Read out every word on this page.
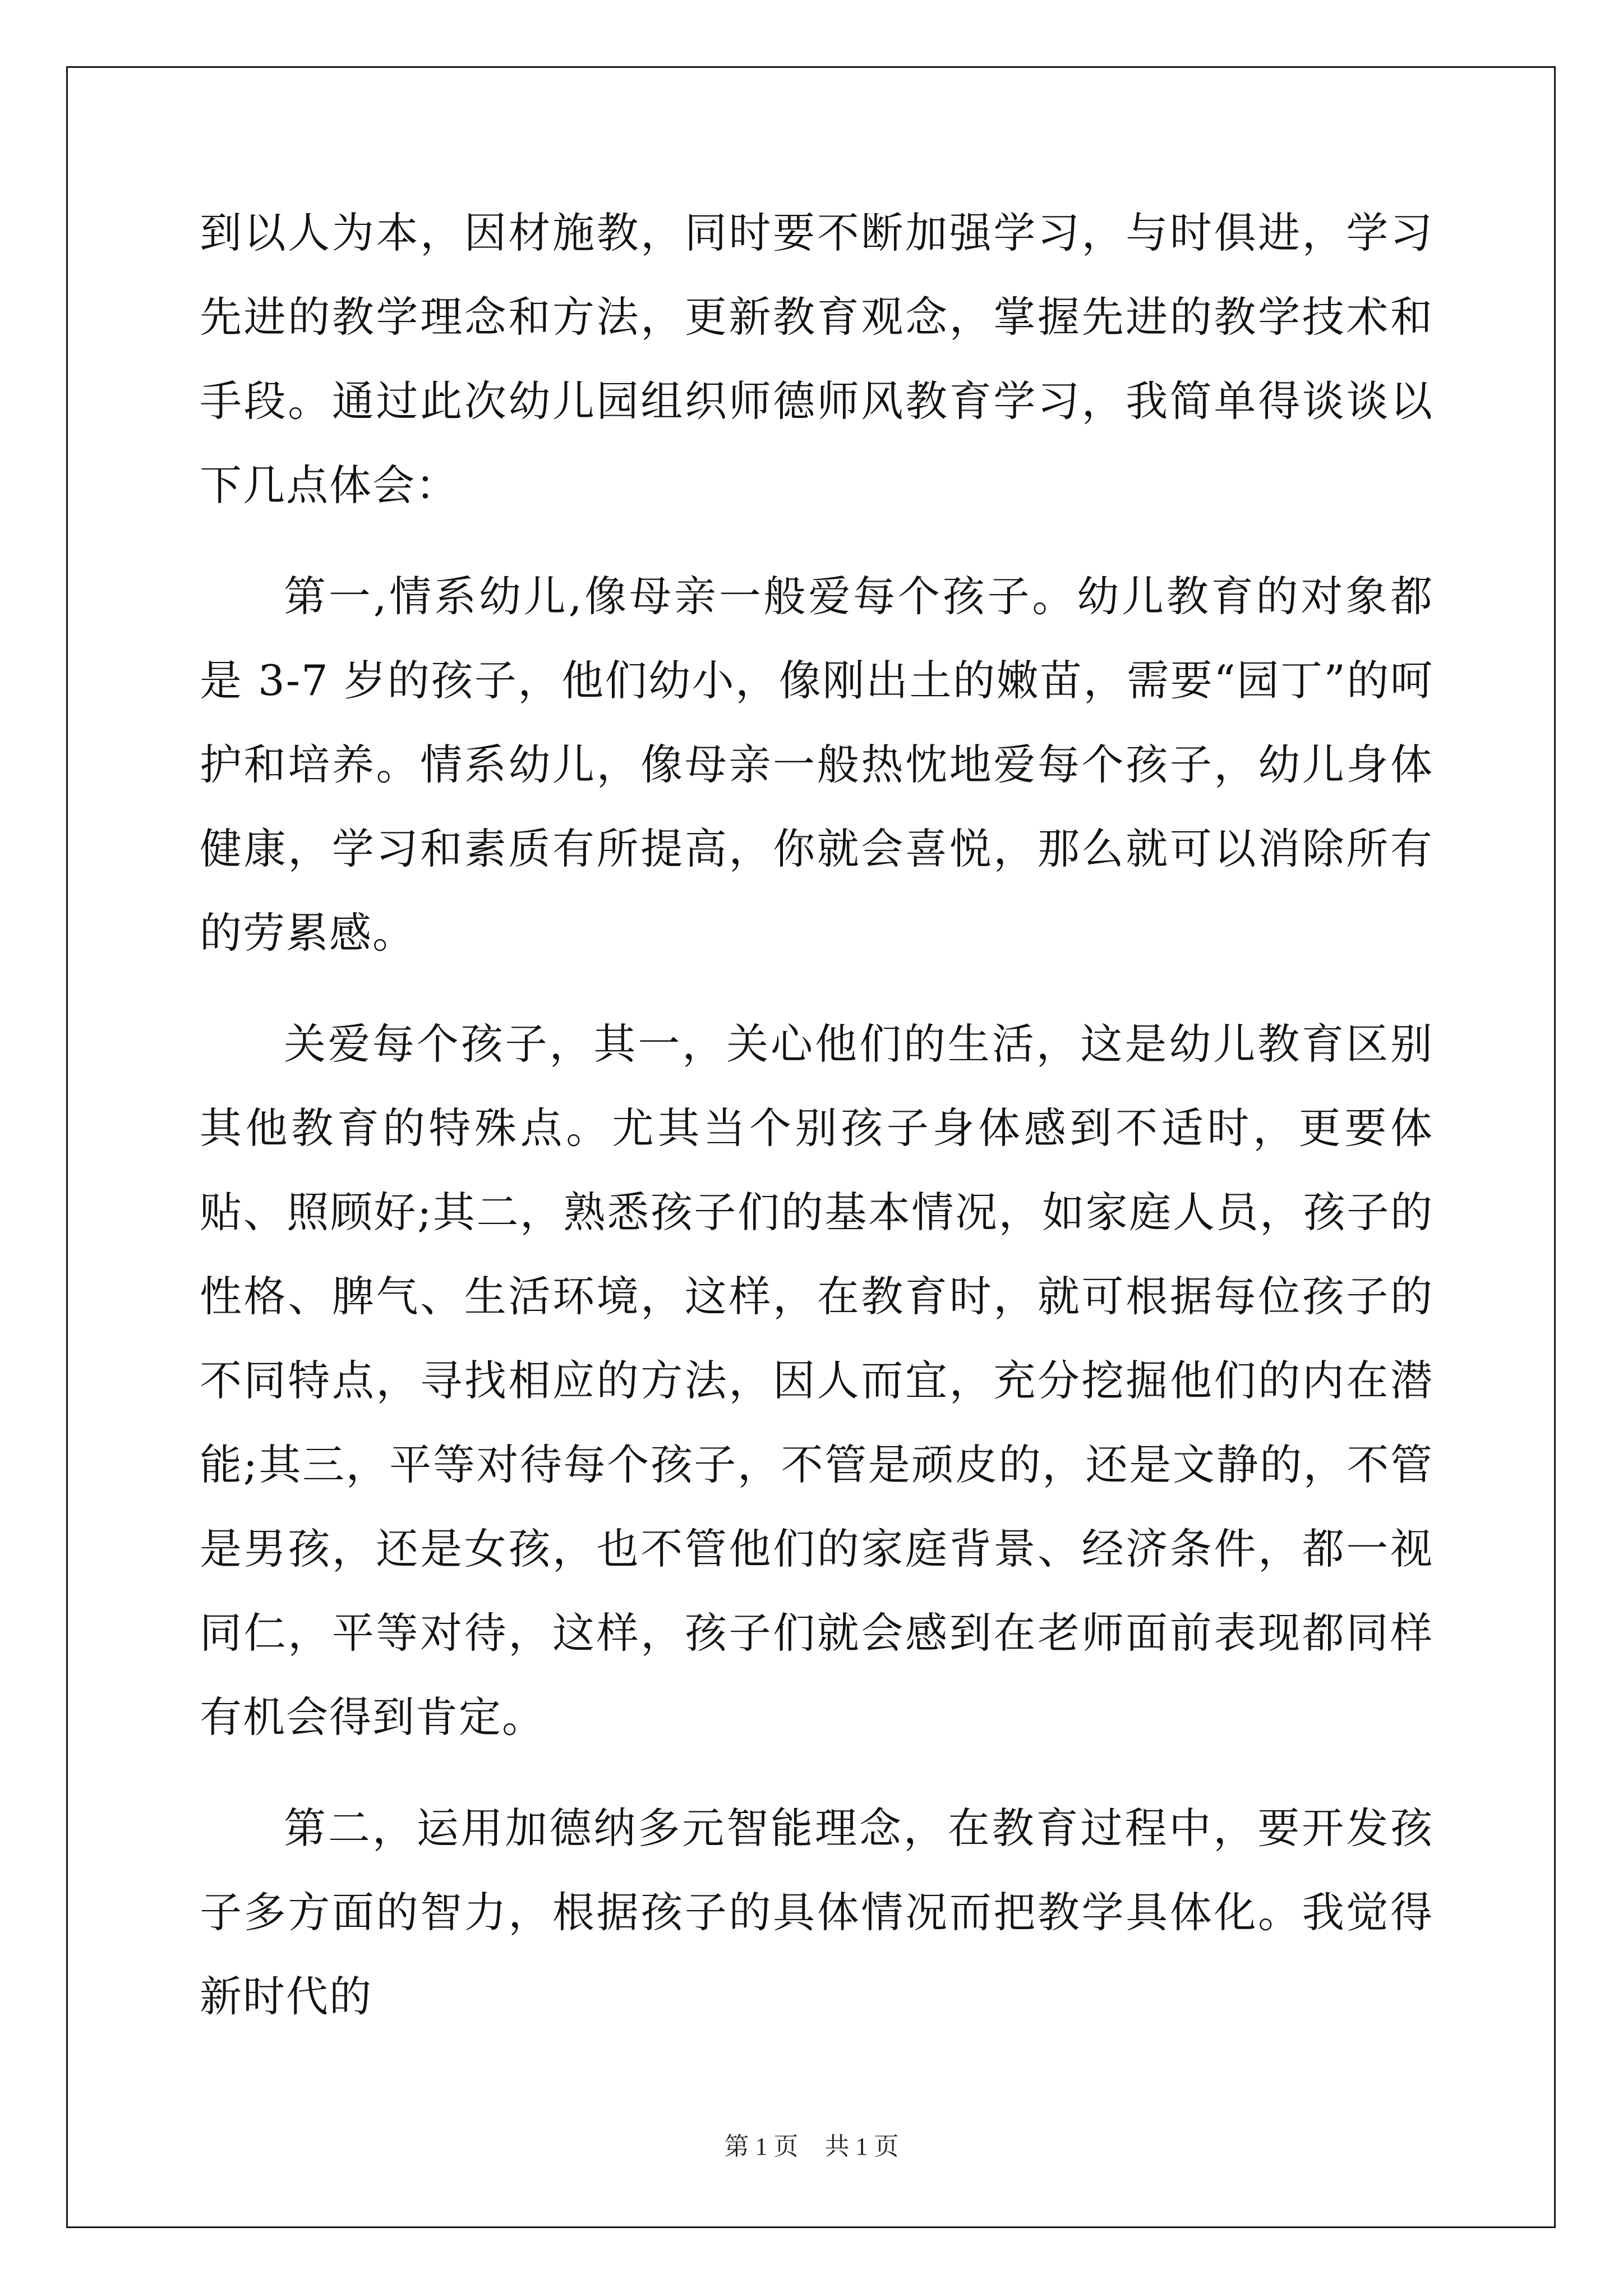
到以人为本，因材施教，同时要不断加强学习，与时俱进，学习先进的教学理念和方法，更新教育观念，掌握先进的教学技术和手段。通过此次幼儿园组织师德师风教育学习，我简单得谈谈以下几点体会：

第一,情系幼儿,像母亲一般爱每个孩子。幼儿教育的对象都是 3-7 岁的孩子，他们幼小，像刚出土的嫩苗，需要“园丁”的呵护和培养。情系幼儿，像母亲一般热忱地爱每个孩子，幼儿身体健康，学习和素质有所提高，你就会喜悦，那么就可以消除所有的劳累感。

关爱每个孩子，其一，关心他们的生活，这是幼儿教育区别其他教育的特殊点。尤其当个别孩子身体感到不适时，更要体贴、照顾好;其二，熟悉孩子们的基本情况，如家庭人员，孩子的性格、脾气、生活环境，这样，在教育时，就可根据每位孩子的不同特点，寻找相应的方法，因人而宜，充分挖掘他们的内在潜能;其三，平等对待每个孩子，不管是顽皮的，还是文静的，不管是男孩，还是女孩，也不管他们的家庭背景、经济条件，都一视同仁，平等对待，这样，孩子们就会感到在老师面前表现都同样有机会得到肯定。

第二，运用加德纳多元智能理念，在教育过程中，要开发孩子多方面的智力，根据孩子的具体情况而把教学具体化。我觉得新时代的

第 1 页 共 1 页
